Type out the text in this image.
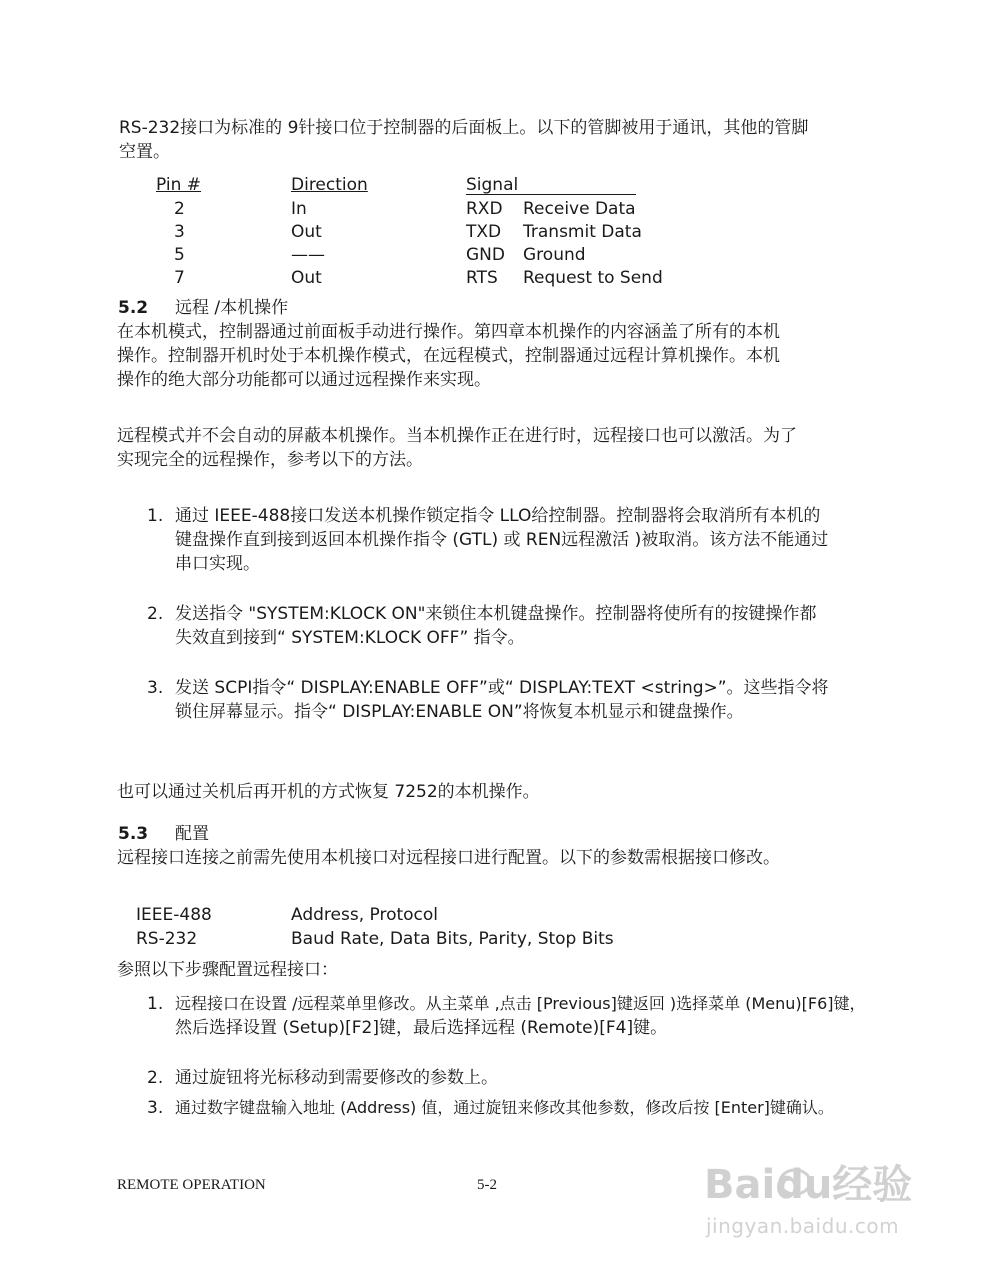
RS-232接口为标准的 9针接口位于控制器的后面板上。以下的管脚被用于通讯，其他的管脚
空置。
Pin #	Direction	Signal
2	In	RXD Receive Data
3	Out	TXD Transmit Data
5	——	GND Ground
7	Out	RTS Request to Send
5.2 远程 /本机操作
在本机模式，控制器通过前面板手动进行操作。第四章本机操作的内容涵盖了所有的本机
操作。控制器开机时处于本机操作模式，在远程模式，控制器通过远程计算机操作。本机
操作的绝大部分功能都可以通过远程操作来实现。
远程模式并不会自动的屏蔽本机操作。当本机操作正在进行时，远程接口也可以激活。为了
实现完全的远程操作，参考以下的方法。
1. 通过 IEEE-488接口发送本机操作锁定指令 LLO给控制器。控制器将会取消所有本机的
键盘操作直到接到返回本机操作指令 (GTL) 或 REN远程激活 )被取消。该方法不能通过
串口实现。
2. 发送指令 "SYSTEM:KLOCK ON"来锁住本机键盘操作。控制器将使所有的按键操作都
失效直到接到“ SYSTEM:KLOCK OFF” 指令。
3. 发送 SCPI指令“ DISPLAY:ENABLE OFF”或“ DISPLAY:TEXT <string>”。这些指令将
锁住屏幕显示。指令“ DISPLAY:ENABLE ON”将恢复本机显示和键盘操作。
也可以通过关机后再开机的方式恢复 7252的本机操作。
5.3 配置
远程接口连接之前需先使用本机接口对远程接口进行配置。以下的参数需根据接口修改。
IEEE-488	Address, Protocol
RS-232	Baud Rate, Data Bits, Parity, Stop Bits
参照以下步骤配置远程接口：
1. 远程接口在设置 /远程菜单里修改。从主菜单 ,点击 [Previous]键返回 )选择菜单 (Menu)[F6]键，
然后选择设置 (Setup)[F2]键，最后选择远程 (Remote)[F4]键。
2. 通过旋钮将光标移动到需要修改的参数上。
3. 通过数字键盘输入地址 (Address) 值，通过旋钮来修改其他参数，修改后按 [Enter]键确认。
REMOTE OPERATION	5-2	Baidu经验
jingyan.baidu.com
